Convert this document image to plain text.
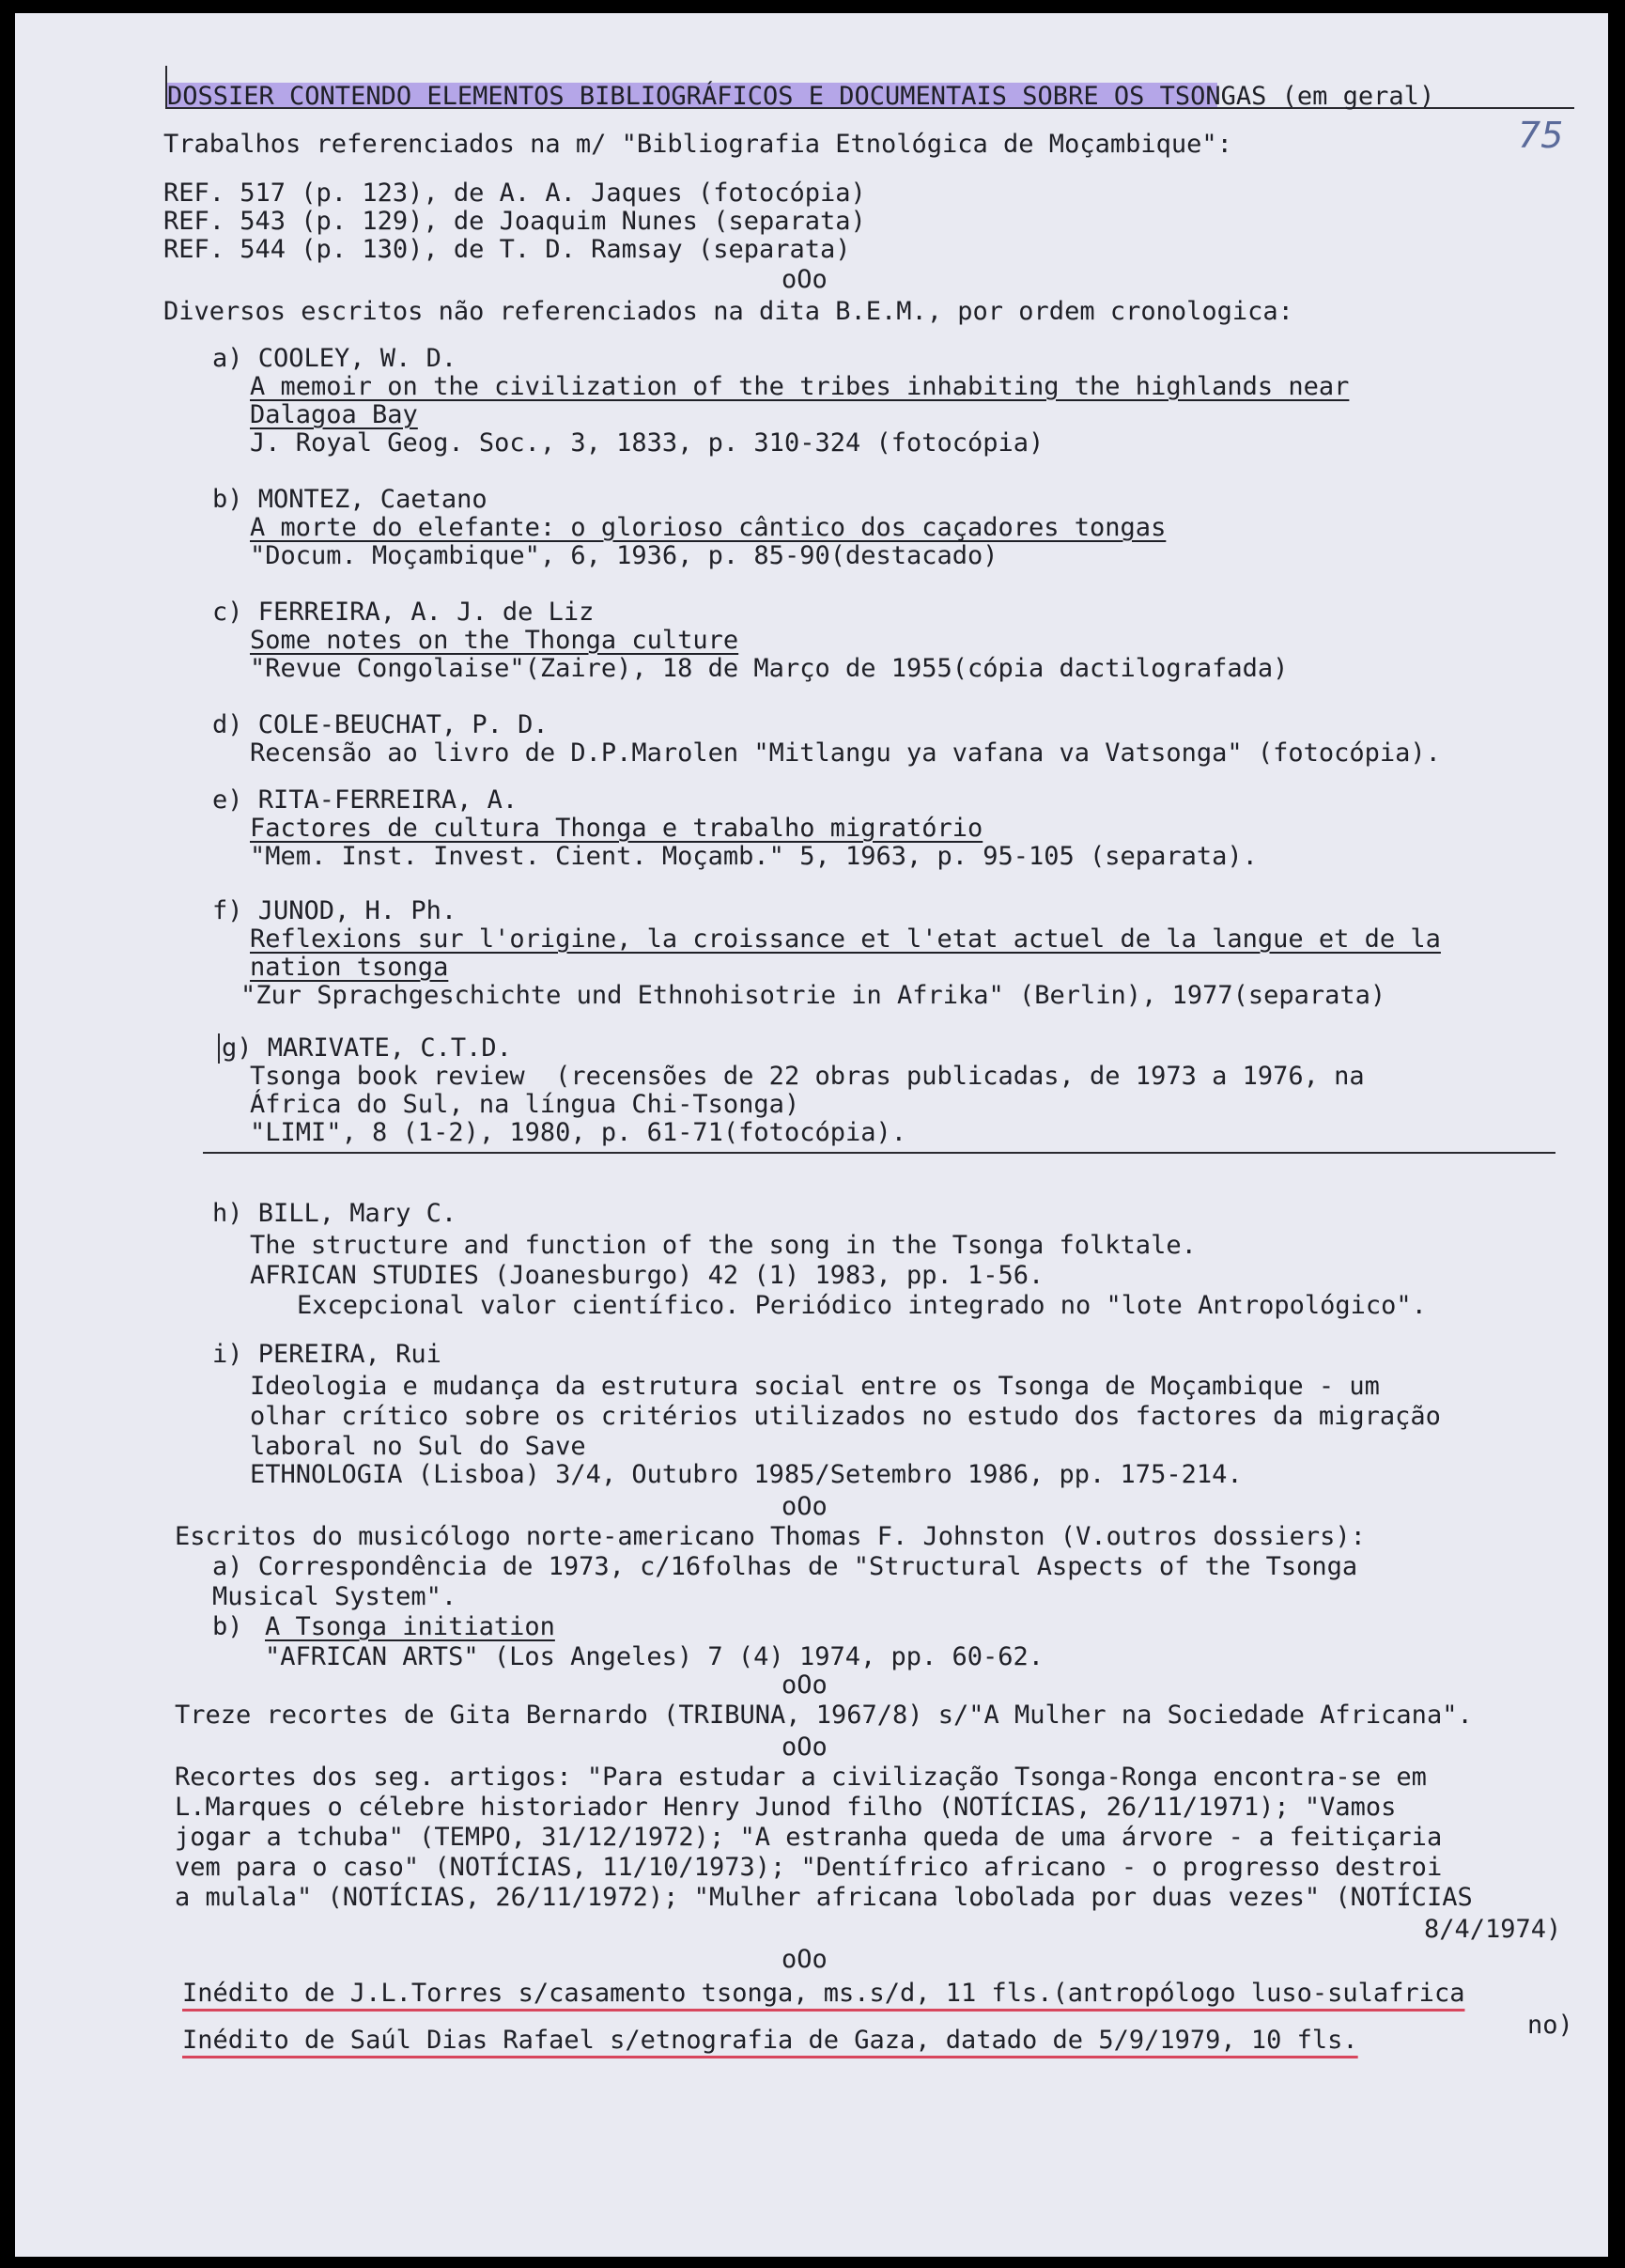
75
DOSSIER CONTENDO ELEMENTOS BIBLIOGRÁFICOS E DOCUMENTAIS SOBRE OS TSONGAS (em geral)
Trabalhos referenciados na m/ "Bibliografia Etnológica de Moçambique":
REF. 517 (p. 123), de A. A. Jaques (fotocópia)
REF. 543 (p. 129), de Joaquim Nunes (separata)
REF. 544 (p. 130), de T. D. Ramsay (separata)
oOo
Diversos escritos não referenciados na dita B.E.M., por ordem cronologica:
a) COOLEY, W. D.
A memoir on the civilization of the tribes inhabiting the highlands near
Dalagoa Bay
J. Royal Geog. Soc., 3, 1833, p. 310-324 (fotocópia)
b) MONTEZ, Caetano
A morte do elefante: o glorioso cântico dos caçadores tongas
"Docum. Moçambique", 6, 1936, p. 85-90(destacado)
c) FERREIRA, A. J. de Liz
Some notes on the Thonga culture
"Revue Congolaise"(Zaire), 18 de Março de 1955(cópia dactilografada)
d) COLE-BEUCHAT, P. D.
Recensão ao livro de D.P.Marolen "Mitlangu ya vafana va Vatsonga" (fotocópia).
e) RITA-FERREIRA, A.
Factores de cultura Thonga e trabalho migratório
"Mem. Inst. Invest. Cient. Moçamb." 5, 1963, p. 95-105 (separata).
f) JUNOD, H. Ph.
Reflexions sur l'origine, la croissance et l'etat actuel de la langue et de la
nation tsonga
"Zur Sprachgeschichte und Ethnohisotrie in Afrika" (Berlin), 1977(separata)
g) MARIVATE, C.T.D.
Tsonga book review  (recensões de 22 obras publicadas, de 1973 a 1976, na
África do Sul, na língua Chi-Tsonga)
"LIMI", 8 (1-2), 1980, p. 61-71(fotocópia).
h) BILL, Mary C.
The structure and function of the song in the Tsonga folktale.
AFRICAN STUDIES (Joanesburgo) 42 (1) 1983, pp. 1-56.
Excepcional valor científico. Periódico integrado no "lote Antropológico".
i) PEREIRA, Rui
Ideologia e mudança da estrutura social entre os Tsonga de Moçambique - um
olhar crítico sobre os critérios utilizados no estudo dos factores da migração
laboral no Sul do Save
ETHNOLOGIA (Lisboa) 3/4, Outubro 1985/Setembro 1986, pp. 175-214.
oOo
Escritos do musicólogo norte-americano Thomas F. Johnston (V.outros dossiers):
a) Correspondência de 1973, c/16folhas de "Structural Aspects of the Tsonga
Musical System".
b) A Tsonga initiation
"AFRICAN ARTS" (Los Angeles) 7 (4) 1974, pp. 60-62.
oOo
Treze recortes de Gita Bernardo (TRIBUNA, 1967/8) s/"A Mulher na Sociedade Africana".
oOo
Recortes dos seg. artigos: "Para estudar a civilização Tsonga-Ronga encontra-se em
L.Marques o célebre historiador Henry Junod filho (NOTÍCIAS, 26/11/1971); "Vamos
jogar a tchuba" (TEMPO, 31/12/1972); "A estranha queda de uma árvore - a feitiçaria
vem para o caso" (NOTÍCIAS, 11/10/1973); "Dentífrico africano - o progresso destroi
a mulala" (NOTÍCIAS, 26/11/1972); "Mulher africana lobolada por duas vezes" (NOTÍCIAS
8/4/1974)
oOo
Inédito de J.L.Torres s/casamento tsonga, ms.s/d, 11 fls.(antropólogo luso-sulafrica
no)
Inédito de Saúl Dias Rafael s/etnografia de Gaza, datado de 5/9/1979, 10 fls.
